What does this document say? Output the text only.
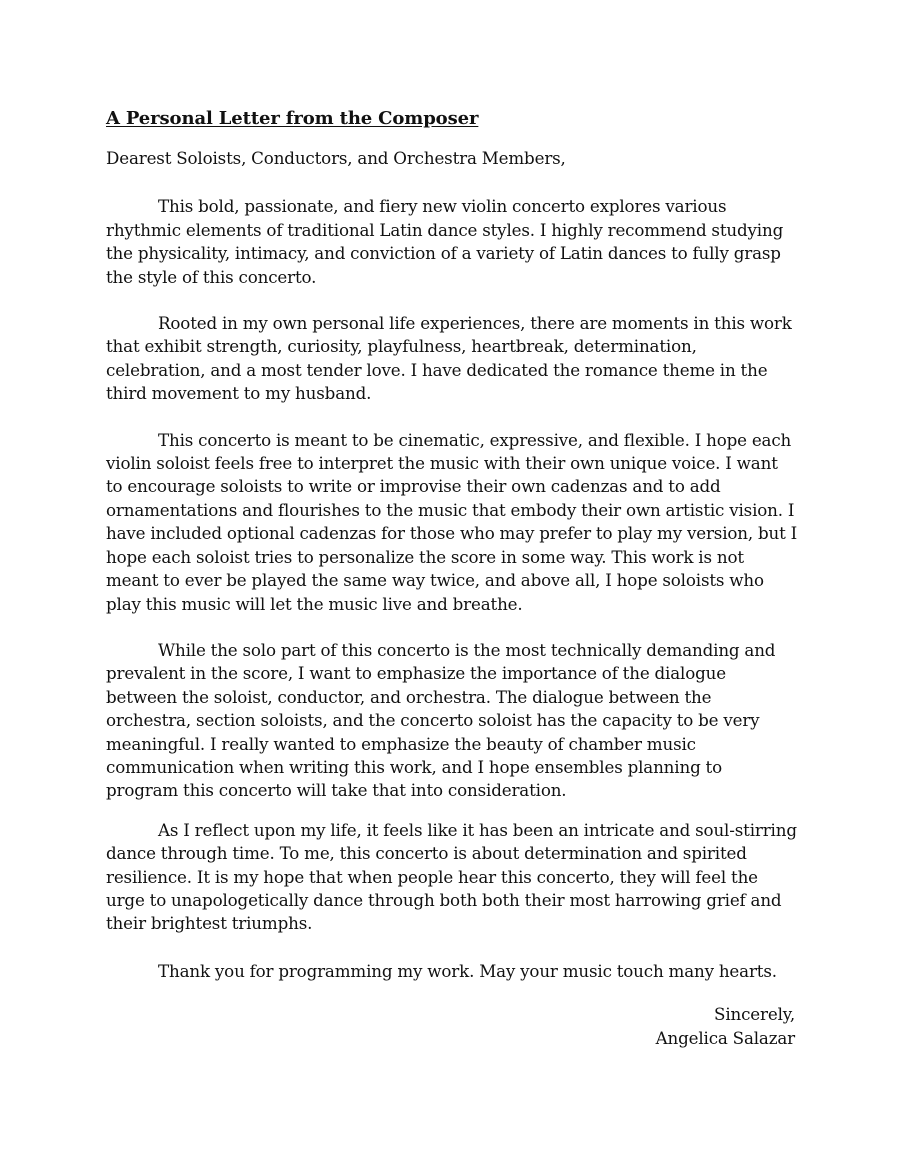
A Personal Letter from the Composer

Dearest Soloists, Conductors, and Orchestra Members,

This bold, passionate, and fiery new violin concerto explores various rhythmic elements of traditional Latin dance styles. I highly recommend studying the physicality, intimacy, and conviction of a variety of Latin dances to fully grasp the style of this concerto.

Rooted in my own personal life experiences, there are moments in this work that exhibit strength, curiosity, playfulness, heartbreak, determination, celebration, and a most tender love. I have dedicated the romance theme in the third movement to my husband.

This concerto is meant to be cinematic, expressive, and flexible. I hope each violin soloist feels free to interpret the music with their own unique voice. I want to encourage soloists to write or improvise their own cadenzas and to add ornamentations and flourishes to the music that embody their own artistic vision. I have included optional cadenzas for those who may prefer to play my version, but I hope each soloist tries to personalize the score in some way. This work is not meant to ever be played the same way twice, and above all, I hope soloists who play this music will let the music live and breathe.

While the solo part of this concerto is the most technically demanding and prevalent in the score, I want to emphasize the importance of the dialogue between the soloist, conductor, and orchestra. The dialogue between the orchestra, section soloists, and the concerto soloist has the capacity to be very meaningful. I really wanted to emphasize the beauty of chamber music communication when writing this work, and I hope ensembles planning to program this concerto will take that into consideration.

As I reflect upon my life, it feels like it has been an intricate and soul-stirring dance through time. To me, this concerto is about determination and spirited resilience. It is my hope that when people hear this concerto, they will feel the urge to unapologetically dance through both both their most harrowing grief and their brightest triumphs.

Thank you for programming my work. May your music touch many hearts.

Sincerely,
Angelica Salazar
